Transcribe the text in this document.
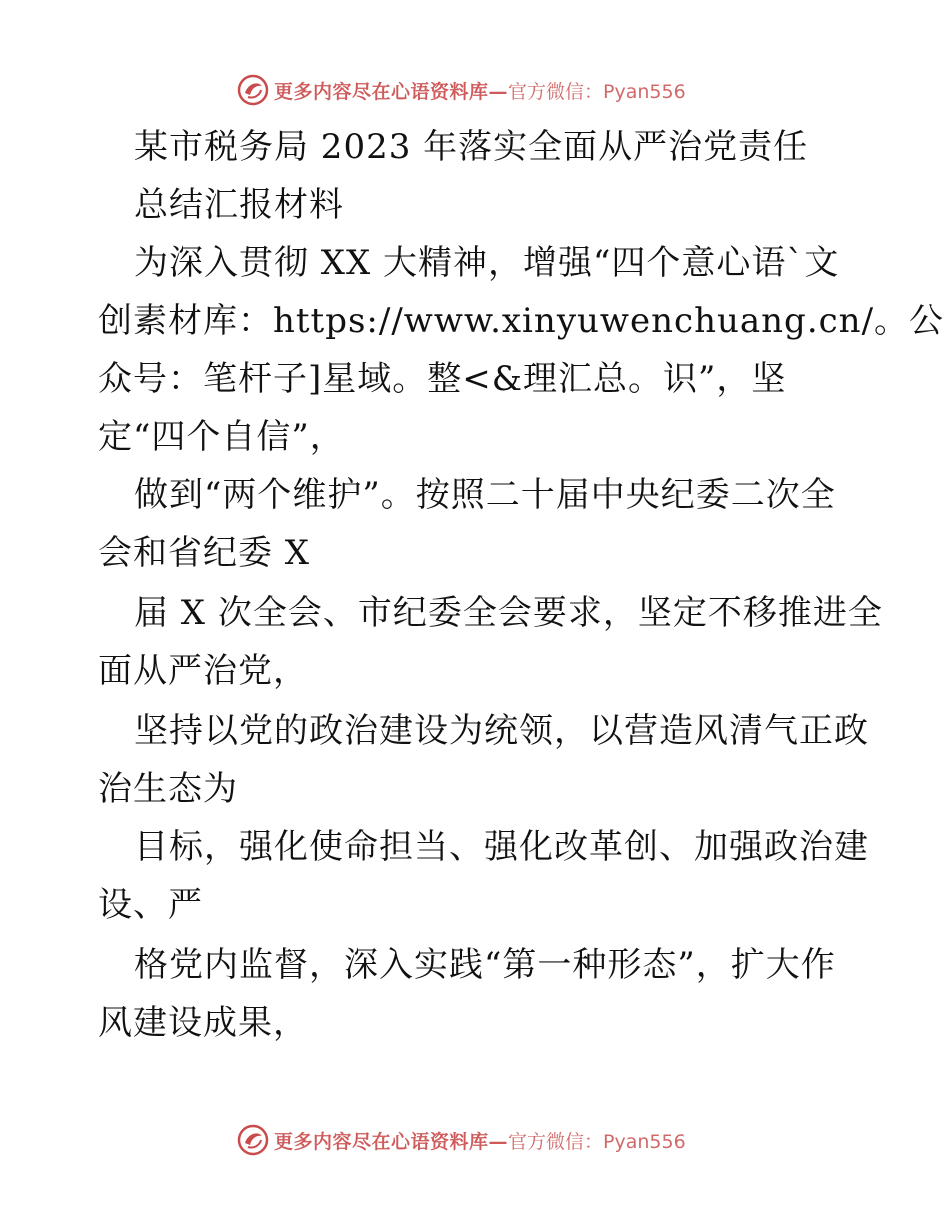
更多内容尽在心语资料库— 官方微信：Pyan556
某市税务局 2023 年落实全面从严治党责任
总结汇报材料
为深入贯彻 XX 大精神，增强“四个意心语`文
创素材库：https://www.xinyuwenchuang.cn/。公
众号：笔杆子]星域。整<&理汇总。识”，坚
定“四个自信”，
做到“两个维护”。按照二十届中央纪委二次全
会和省纪委 X
届 X 次全会、市纪委全会要求，坚定不移推进全
面从严治党，
坚持以党的政治建设为统领，以营造风清气正政
治生态为
目标，强化使命担当、强化改革创、加强政治建
设、严
格党内监督，深入实践“第一种形态”，扩大作
风建设成果，
更多内容尽在心语资料库— 官方微信：Pyan556
